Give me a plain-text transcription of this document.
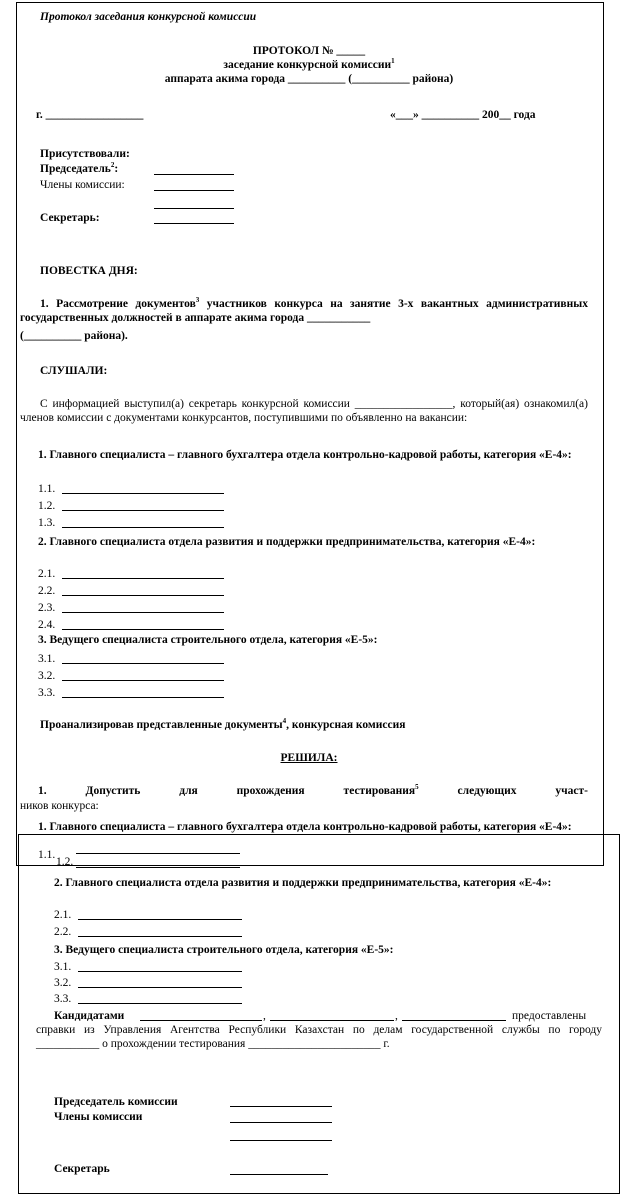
Протокол заседания конкурсной комиссии
ПРОТОКОЛ № _____
заседание конкурсной комиссии$^1$
аппарата акима города __________ (__________ района)
г. _________________	«___» __________ 200__ года
Присутствовали:
Председатель$^2$:
Члены комиссии:
Секретарь:
ПОВЕСТКА ДНЯ:
1. Рассмотрение документов$^3$ участников конкурса на занятие 3-х вакантных административных государственных должностей в аппарате акима города ___________
(__________ района).
СЛУШАЛИ:
С информацией выступил(а) секретарь конкурсной комиссии _________________, который(ая) ознакомил(а) членов комиссии с документами конкурсантов, поступившими по объявленно на вакансии:
1. Главного специалиста – главного бухгалтера отдела контрольно-кадровой работы, категория «Е-4»:
1.1.
1.2.
1.3.
2. Главного специалиста отдела развития и поддержки предпринимательства, категория «Е-4»:
2.1.
2.2.
2.3.
2.4.
3. Ведущего специалиста строительного отдела, категория «Е-5»:
3.1.
3.2.
3.3.
Проанализировав представленные документы$^4$, конкурсная комиссия
РЕШИЛА:
1. Допустить для прохождения тестирования$^5$ следующих участ-
ников конкурса:
1. Главного специалиста – главного бухгалтера отдела контрольно-кадровой работы, категория «Е-4»:
1.1.
1.2.
2. Главного специалиста отдела развития и поддержки предпринимательства, категория «Е-4»:
2.1.
2.2.
3. Ведущего специалиста строительного отдела, категория «Е-5»:
3.1.
3.2.
3.3.
Кандидатами	,	,	предоставлены справки из Управления Агентства Республики Казахстан по делам государственной службы по городу ___________ о прохождении тестирования _______________________ г.
Председатель комиссии
Члены комиссии
Секретарь
